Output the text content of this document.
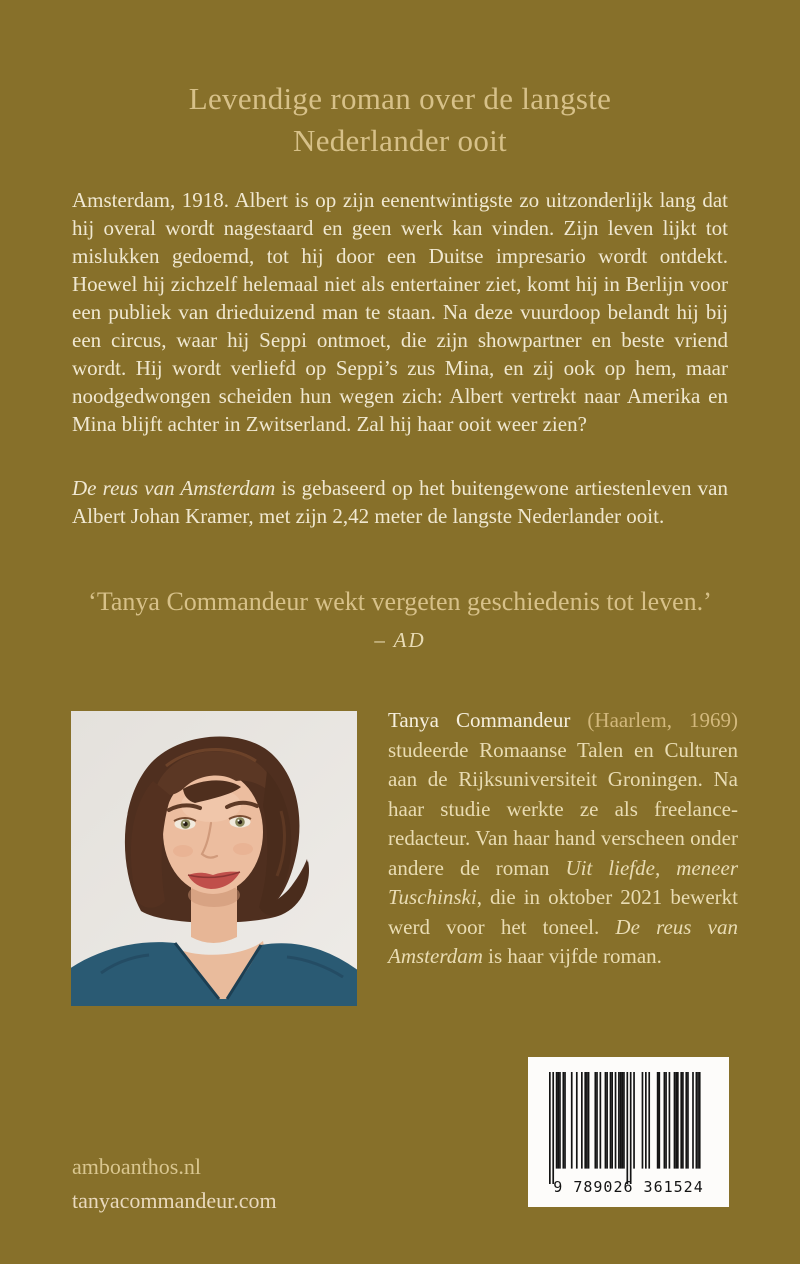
Levendige roman over de langste
Nederlander ooit

Amsterdam, 1918. Albert is op zijn eenentwintigste zo uitzonderlijk lang dat hij overal wordt nagestaard en geen werk kan vinden. Zijn leven lijkt tot mislukken gedoemd, tot hij door een Duitse impresario wordt ontdekt. Hoewel hij zichzelf helemaal niet als entertainer ziet, komt hij in Berlijn voor een publiek van drieduizend man te staan. Na deze vuurdoop belandt hij bij een circus, waar hij Seppi ontmoet, die zijn showpartner en beste vriend wordt. Hij wordt verliefd op Seppi’s zus Mina, en zij ook op hem, maar noodgedwongen scheiden hun wegen zich: Albert vertrekt naar Amerika en Mina blijft achter in Zwitserland. Zal hij haar ooit weer zien?

De reus van Amsterdam is gebaseerd op het buitengewone artiestenleven van Albert Johan Kramer, met zijn 2,42 meter de langste Nederlander ooit.

‘Tanya Commandeur wekt vergeten geschiedenis tot leven.’

– AD

Tanya Commandeur (Haarlem, 1969) studeerde Romaanse Talen en Culturen aan de Rijksuniversiteit Groningen. Na haar studie werkte ze als freelance-redacteur. Van haar hand verscheen onder andere de roman Uit liefde, meneer Tuschinski, die in oktober 2021 bewerkt werd voor het toneel. De reus van Amsterdam is haar vijfde roman.

amboanthos.nl
tanyacommandeur.com
9 789026 361524
